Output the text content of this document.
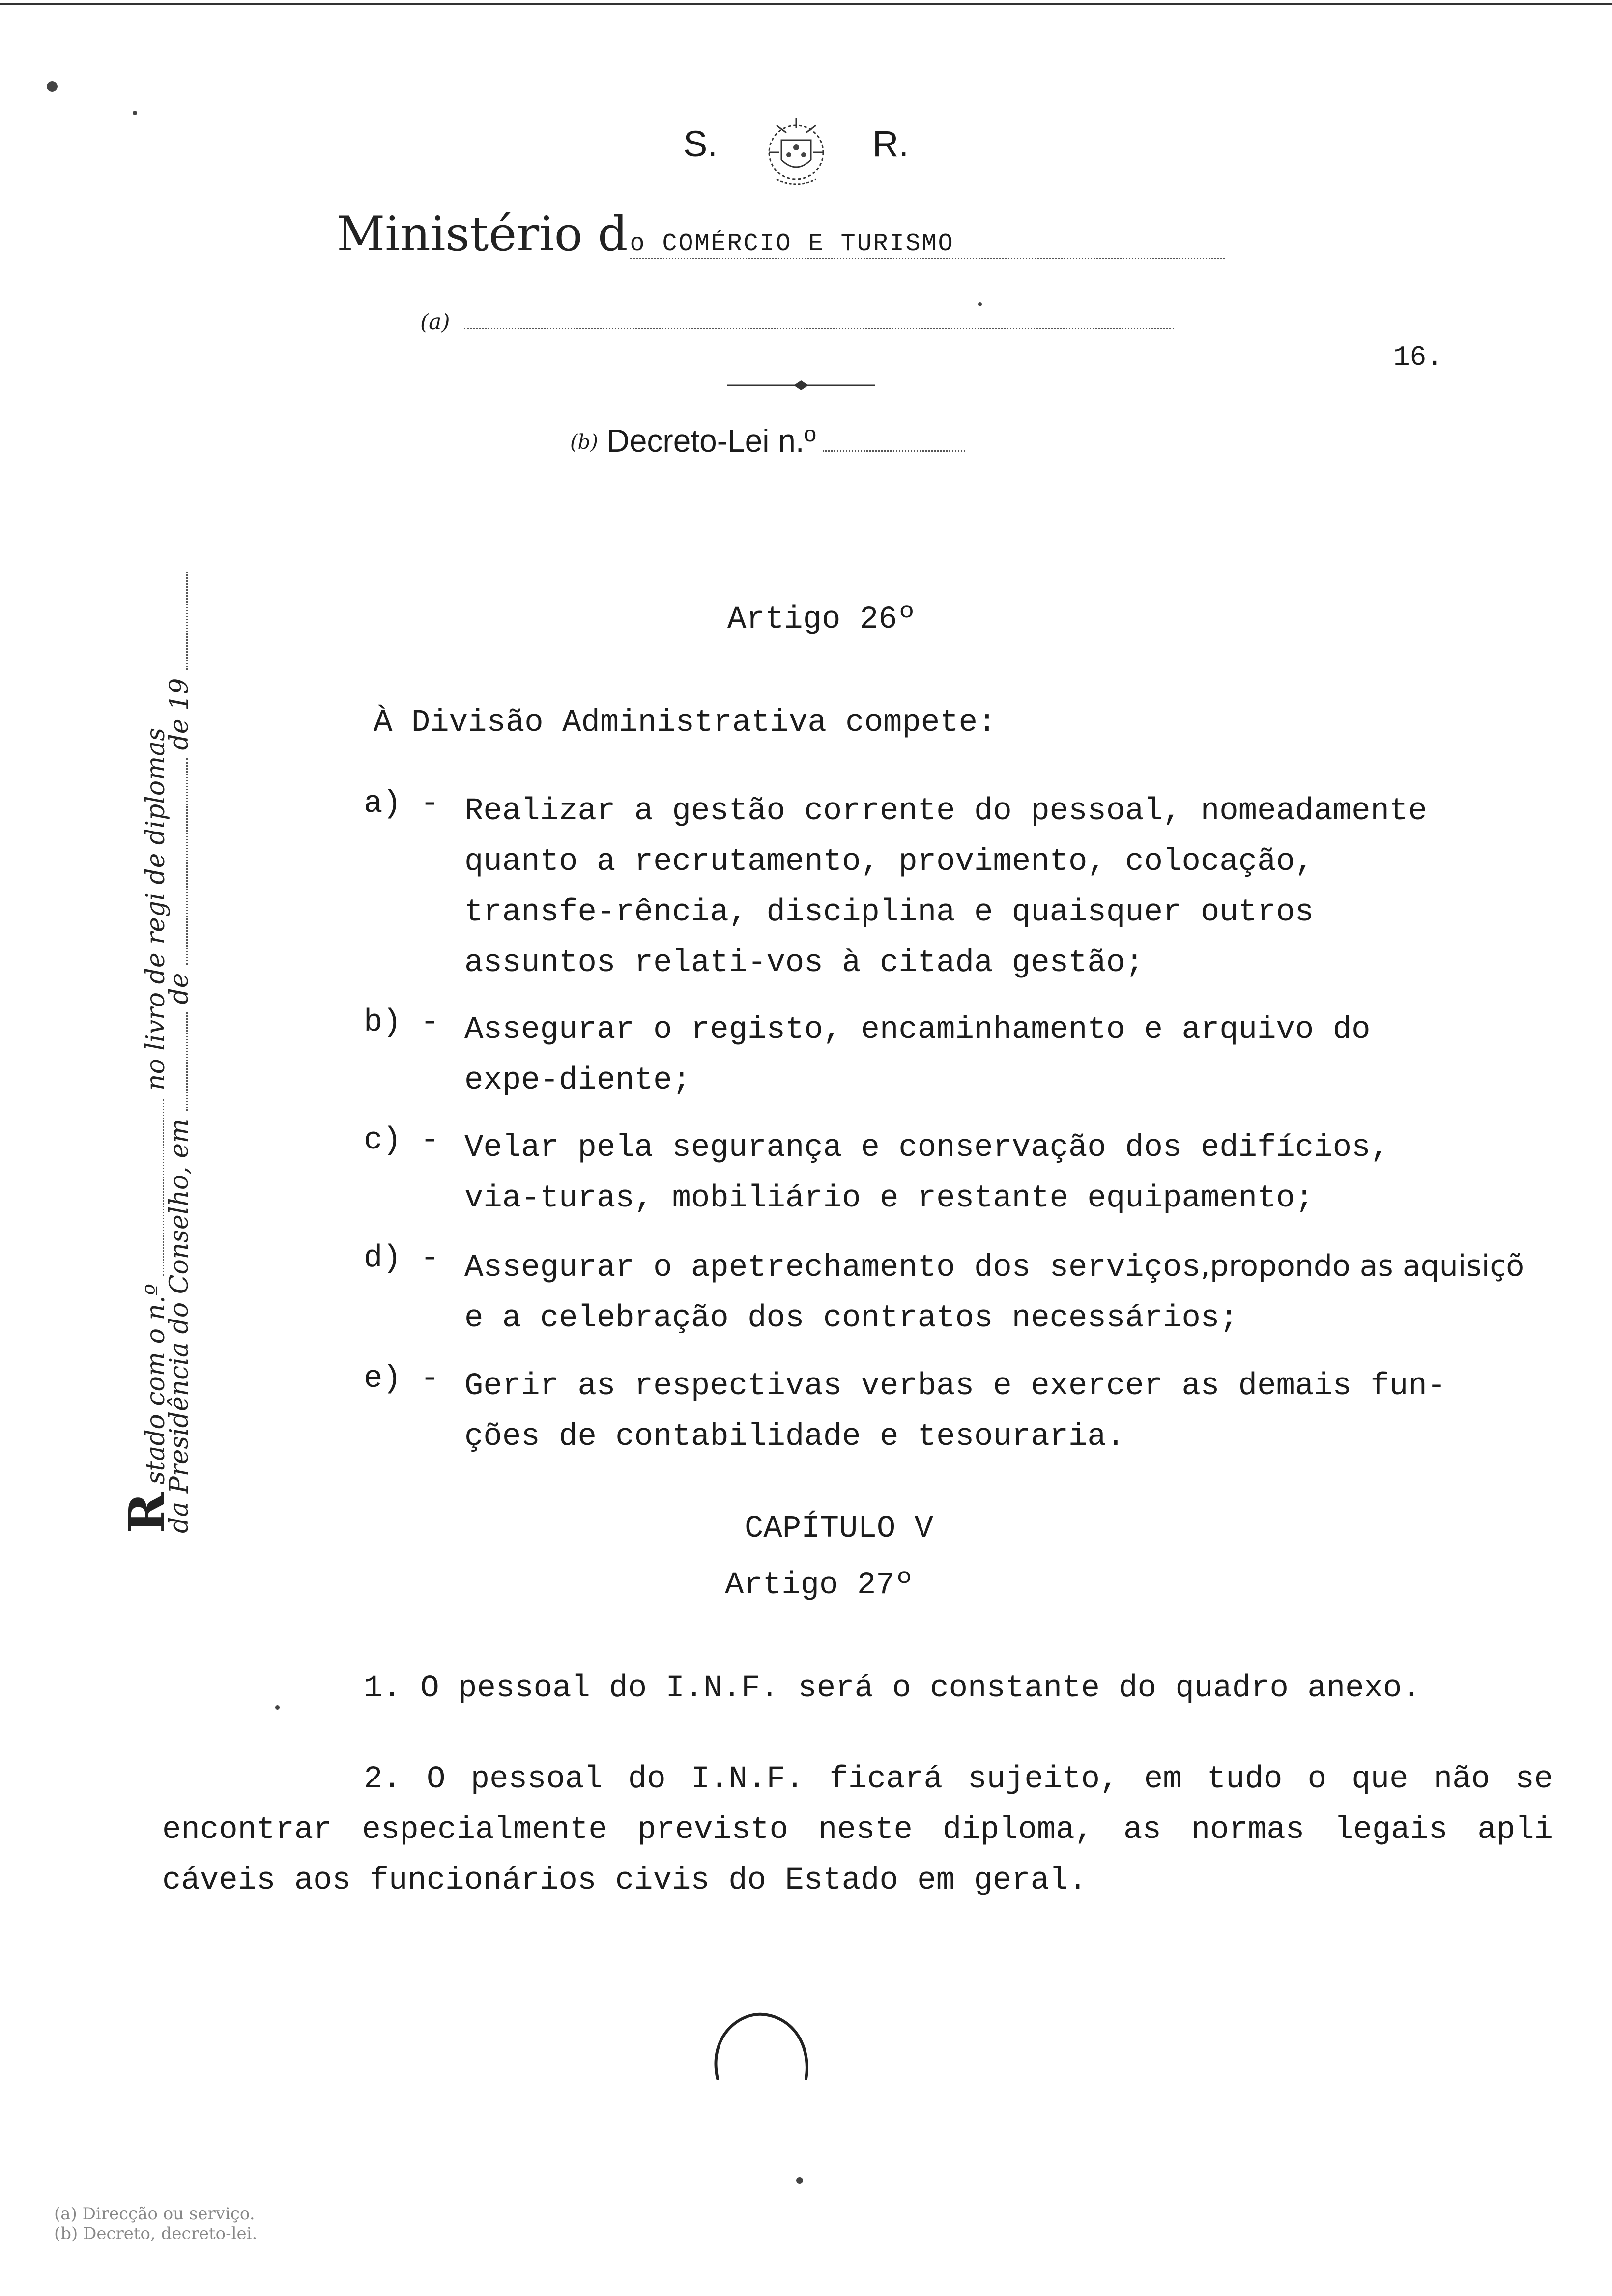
S.	R.
Ministério do COMÉRCIO E TURISMO
(a)
16.
(b) Decreto-Lei n.º
R stado com o n.º  no livro de regi de diplomas
da Presidência do Conselho, em  de  de 19
Artigo 26º
À Divisão Administrativa compete:
a) - Realizar a gestão corrente do pessoal, nomeadamente quanto a recrutamento, provimento, colocação, transfe-rência, disciplina e quaisquer outros assuntos relati-vos à citada gestão;
b) - Assegurar o registo, encaminhamento e arquivo do expe-diente;
c) - Velar pela segurança e conservação dos edifícios, via-turas, mobiliário e restante equipamento;
d) - Assegurar o apetrechamento dos serviços,propondo as aquisiçõ
e a celebração dos contratos necessários;
e) - Gerir as respectivas verbas e exercer as demais fun-ções de contabilidade e tesouraria.
CAPÍTULO V
Artigo 27º
1. O pessoal do I.N.F. será o constante do quadro anexo.
2. O pessoal do I.N.F. ficará sujeito, em tudo o que não se encontrar especialmente previsto neste diploma, as normas legais apli cáveis aos funcionários civis do Estado em geral.
(a) Direcção ou serviço.
(b) Decreto, decreto-lei.
